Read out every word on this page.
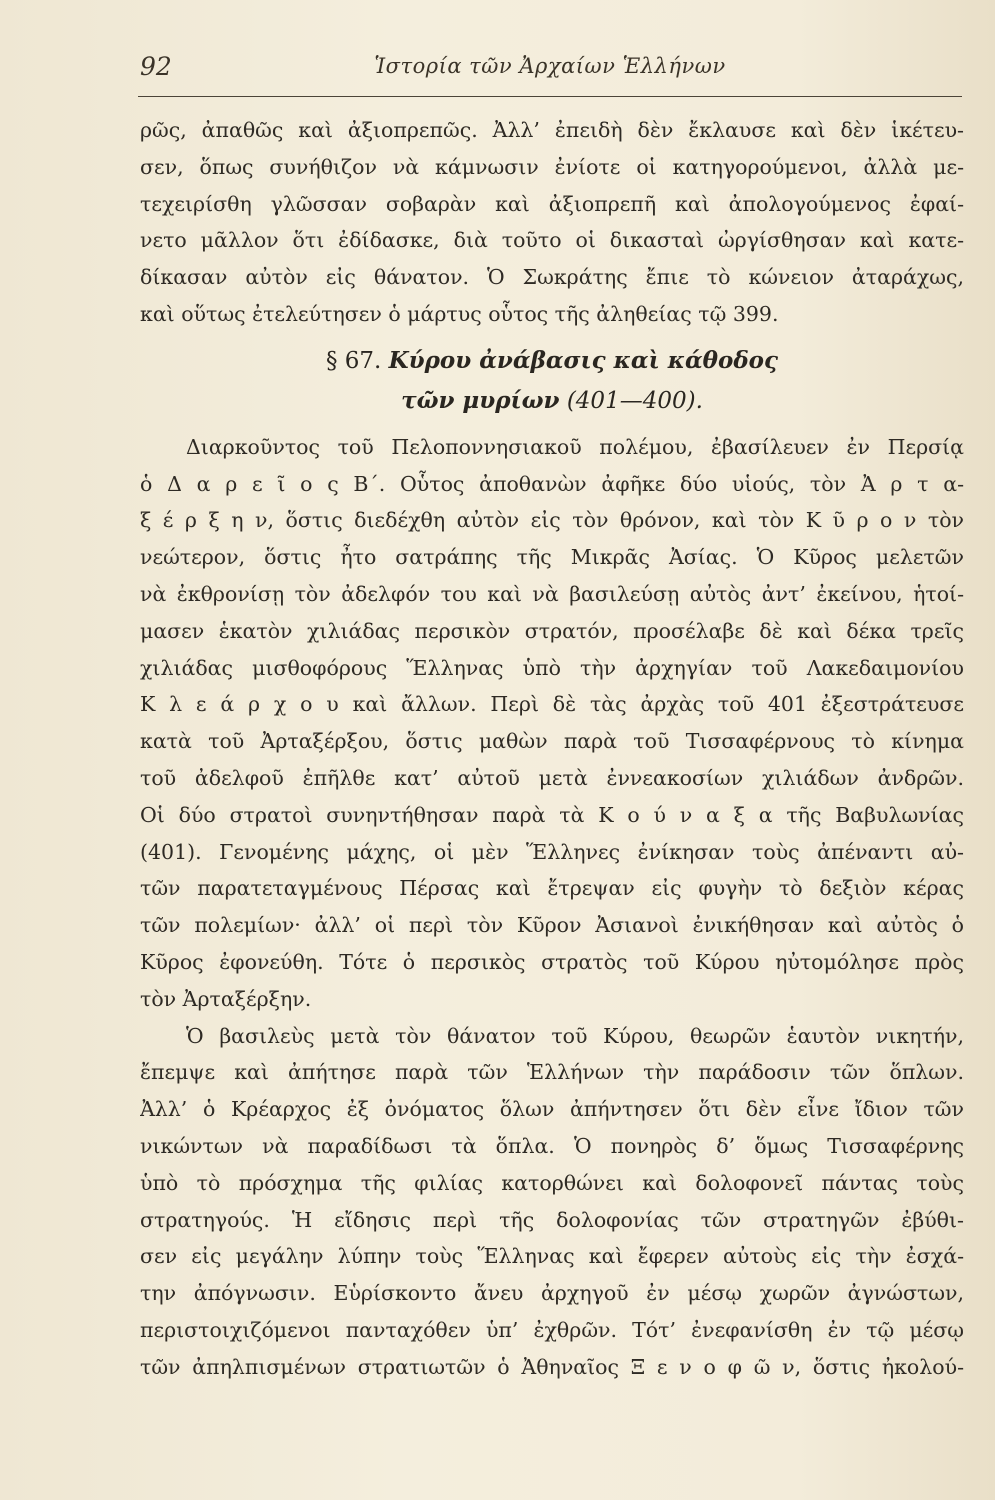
92	Ἱστορία τῶν Ἀρχαίων Ἑλλήνων
ρῶς, ἀπαθῶς καὶ ἀξιοπρεπῶς. Ἀλλ’ ἐπειδὴ δὲν ἔκλαυσε καὶ δὲν ἱκέτευ-
σεν, ὅπως συνήθιζον νὰ κάμνωσιν ἐνίοτε οἱ κατηγορούμενοι, ἀλλὰ με-
τεχειρίσθη γλῶσσαν σοβαρὰν καὶ ἀξιοπρεπῆ καὶ ἀπολογούμενος ἐφαί-
νετο μᾶλλον ὅτι ἐδίδασκε, διὰ τοῦτο οἱ δικασταὶ ὠργίσθησαν καὶ κατε-
δίκασαν αὐτὸν εἰς θάνατον. Ὁ Σωκράτης ἔπιε τὸ κώνειον ἀταράχως,
καὶ οὕτως ἐτελεύτησεν ὁ μάρτυς οὗτος τῆς ἀληθείας τῷ 399.
§ 67. Κύρου ἀνάβασις καὶ κάθοδος
τῶν μυρίων (401—400).
Διαρκοῦντος τοῦ Πελοποννησιακοῦ πολέμου, ἐβασίλευεν ἐν Περσίᾳ
ὁ Δ α ρ ε ῖ ο ς Β΄. Οὗτος ἀποθανὼν ἀφῆκε δύο υἱούς, τὸν Ἀ ρ τ α-
ξ έ ρ ξ η ν, ὅστις διεδέχθη αὐτὸν εἰς τὸν θρόνον, καὶ τὸν Κ ῦ ρ ο ν τὸν
νεώτερον, ὅστις ἦτο σατράπης τῆς Μικρᾶς Ἀσίας. Ὁ Κῦρος μελετῶν
νὰ ἐκθρονίσῃ τὸν ἀδελφόν του καὶ νὰ βασιλεύσῃ αὐτὸς ἀντ’ ἐκείνου, ἡτοί-
μασεν ἑκατὸν χιλιάδας περσικὸν στρατόν, προσέλαβε δὲ καὶ δέκα τρεῖς
χιλιάδας μισθοφόρους Ἕλληνας ὑπὸ τὴν ἀρχηγίαν τοῦ Λακεδαιμονίου
Κ λ ε ά ρ χ ο υ καὶ ἄλλων. Περὶ δὲ τὰς ἀρχὰς τοῦ 401 ἐξεστράτευσε
κατὰ τοῦ Ἀρταξέρξου, ὅστις μαθὼν παρὰ τοῦ Τισσαφέρνους τὸ κίνημα
τοῦ ἀδελφοῦ ἐπῆλθε κατ’ αὐτοῦ μετὰ ἐννεακοσίων χιλιάδων ἀνδρῶν.
Οἱ δύο στρατοὶ συνηντήθησαν παρὰ τὰ Κ ο ύ ν α ξ α τῆς Βαβυλωνίας
(401). Γενομένης μάχης, οἱ μὲν Ἕλληνες ἐνίκησαν τοὺς ἀπέναντι αὐ-
τῶν παρατεταγμένους Πέρσας καὶ ἔτρεψαν εἰς φυγὴν τὸ δεξιὸν κέρας
τῶν πολεμίων· ἀλλ’ οἱ περὶ τὸν Κῦρον Ἀσιανοὶ ἐνικήθησαν καὶ αὐτὸς ὁ
Κῦρος ἐφονεύθη. Τότε ὁ περσικὸς στρατὸς τοῦ Κύρου ηὐτομόλησε πρὸς
τὸν Ἀρταξέρξην.
Ὁ βασιλεὺς μετὰ τὸν θάνατον τοῦ Κύρου, θεωρῶν ἑαυτὸν νικητήν,
ἔπεμψε καὶ ἀπήτησε παρὰ τῶν Ἑλλήνων τὴν παράδοσιν τῶν ὅπλων.
Ἀλλ’ ὁ Κρέαρχος ἐξ ὀνόματος ὅλων ἀπήντησεν ὅτι δὲν εἶνε ἴδιον τῶν
νικώντων νὰ παραδίδωσι τὰ ὅπλα. Ὁ πονηρὸς δ’ ὅμως Τισσαφέρνης
ὑπὸ τὸ πρόσχημα τῆς φιλίας κατορθώνει καὶ δολοφονεῖ πάντας τοὺς
στρατηγούς. Ἡ εἴδησις περὶ τῆς δολοφονίας τῶν στρατηγῶν ἐβύθι-
σεν εἰς μεγάλην λύπην τοὺς Ἕλληνας καὶ ἔφερεν αὐτοὺς εἰς τὴν ἐσχά-
την ἀπόγνωσιν. Εὑρίσκοντο ἄνευ ἀρχηγοῦ ἐν μέσῳ χωρῶν ἀγνώστων,
περιστοιχιζόμενοι πανταχόθεν ὑπ’ ἐχθρῶν. Τότ’ ἐνεφανίσθη ἐν τῷ μέσῳ
τῶν ἀπηλπισμένων στρατιωτῶν ὁ Ἀθηναῖος Ξ ε ν ο φ ῶ ν, ὅστις ἠκολού-
